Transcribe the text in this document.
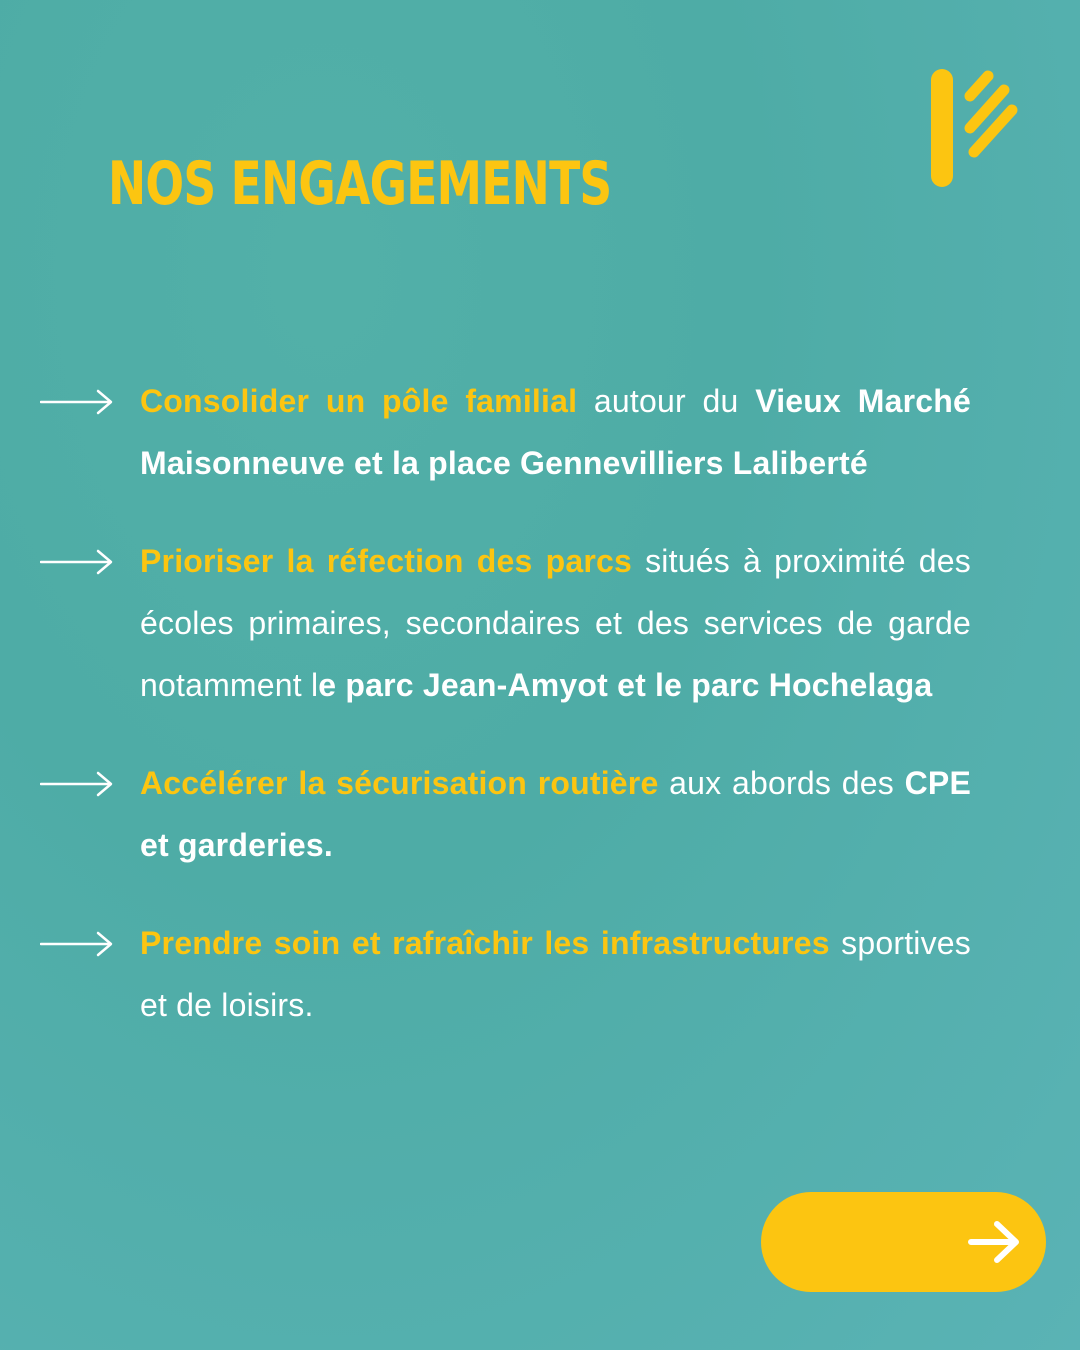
NOS ENGAGEMENTS
Consolider un pôle familial autour du Vieux Marché Maisonneuve et la place Gennevilliers Laliberté
Prioriser la réfection des parcs situés à proximité des écoles primaires, secondaires et des services de garde notamment le parc Jean-Amyot et le parc Hochelaga
Accélérer la sécurisation routière aux abords des CPE et garderies.
Prendre soin et rafraîchir les infrastructures sportives et de loisirs.
